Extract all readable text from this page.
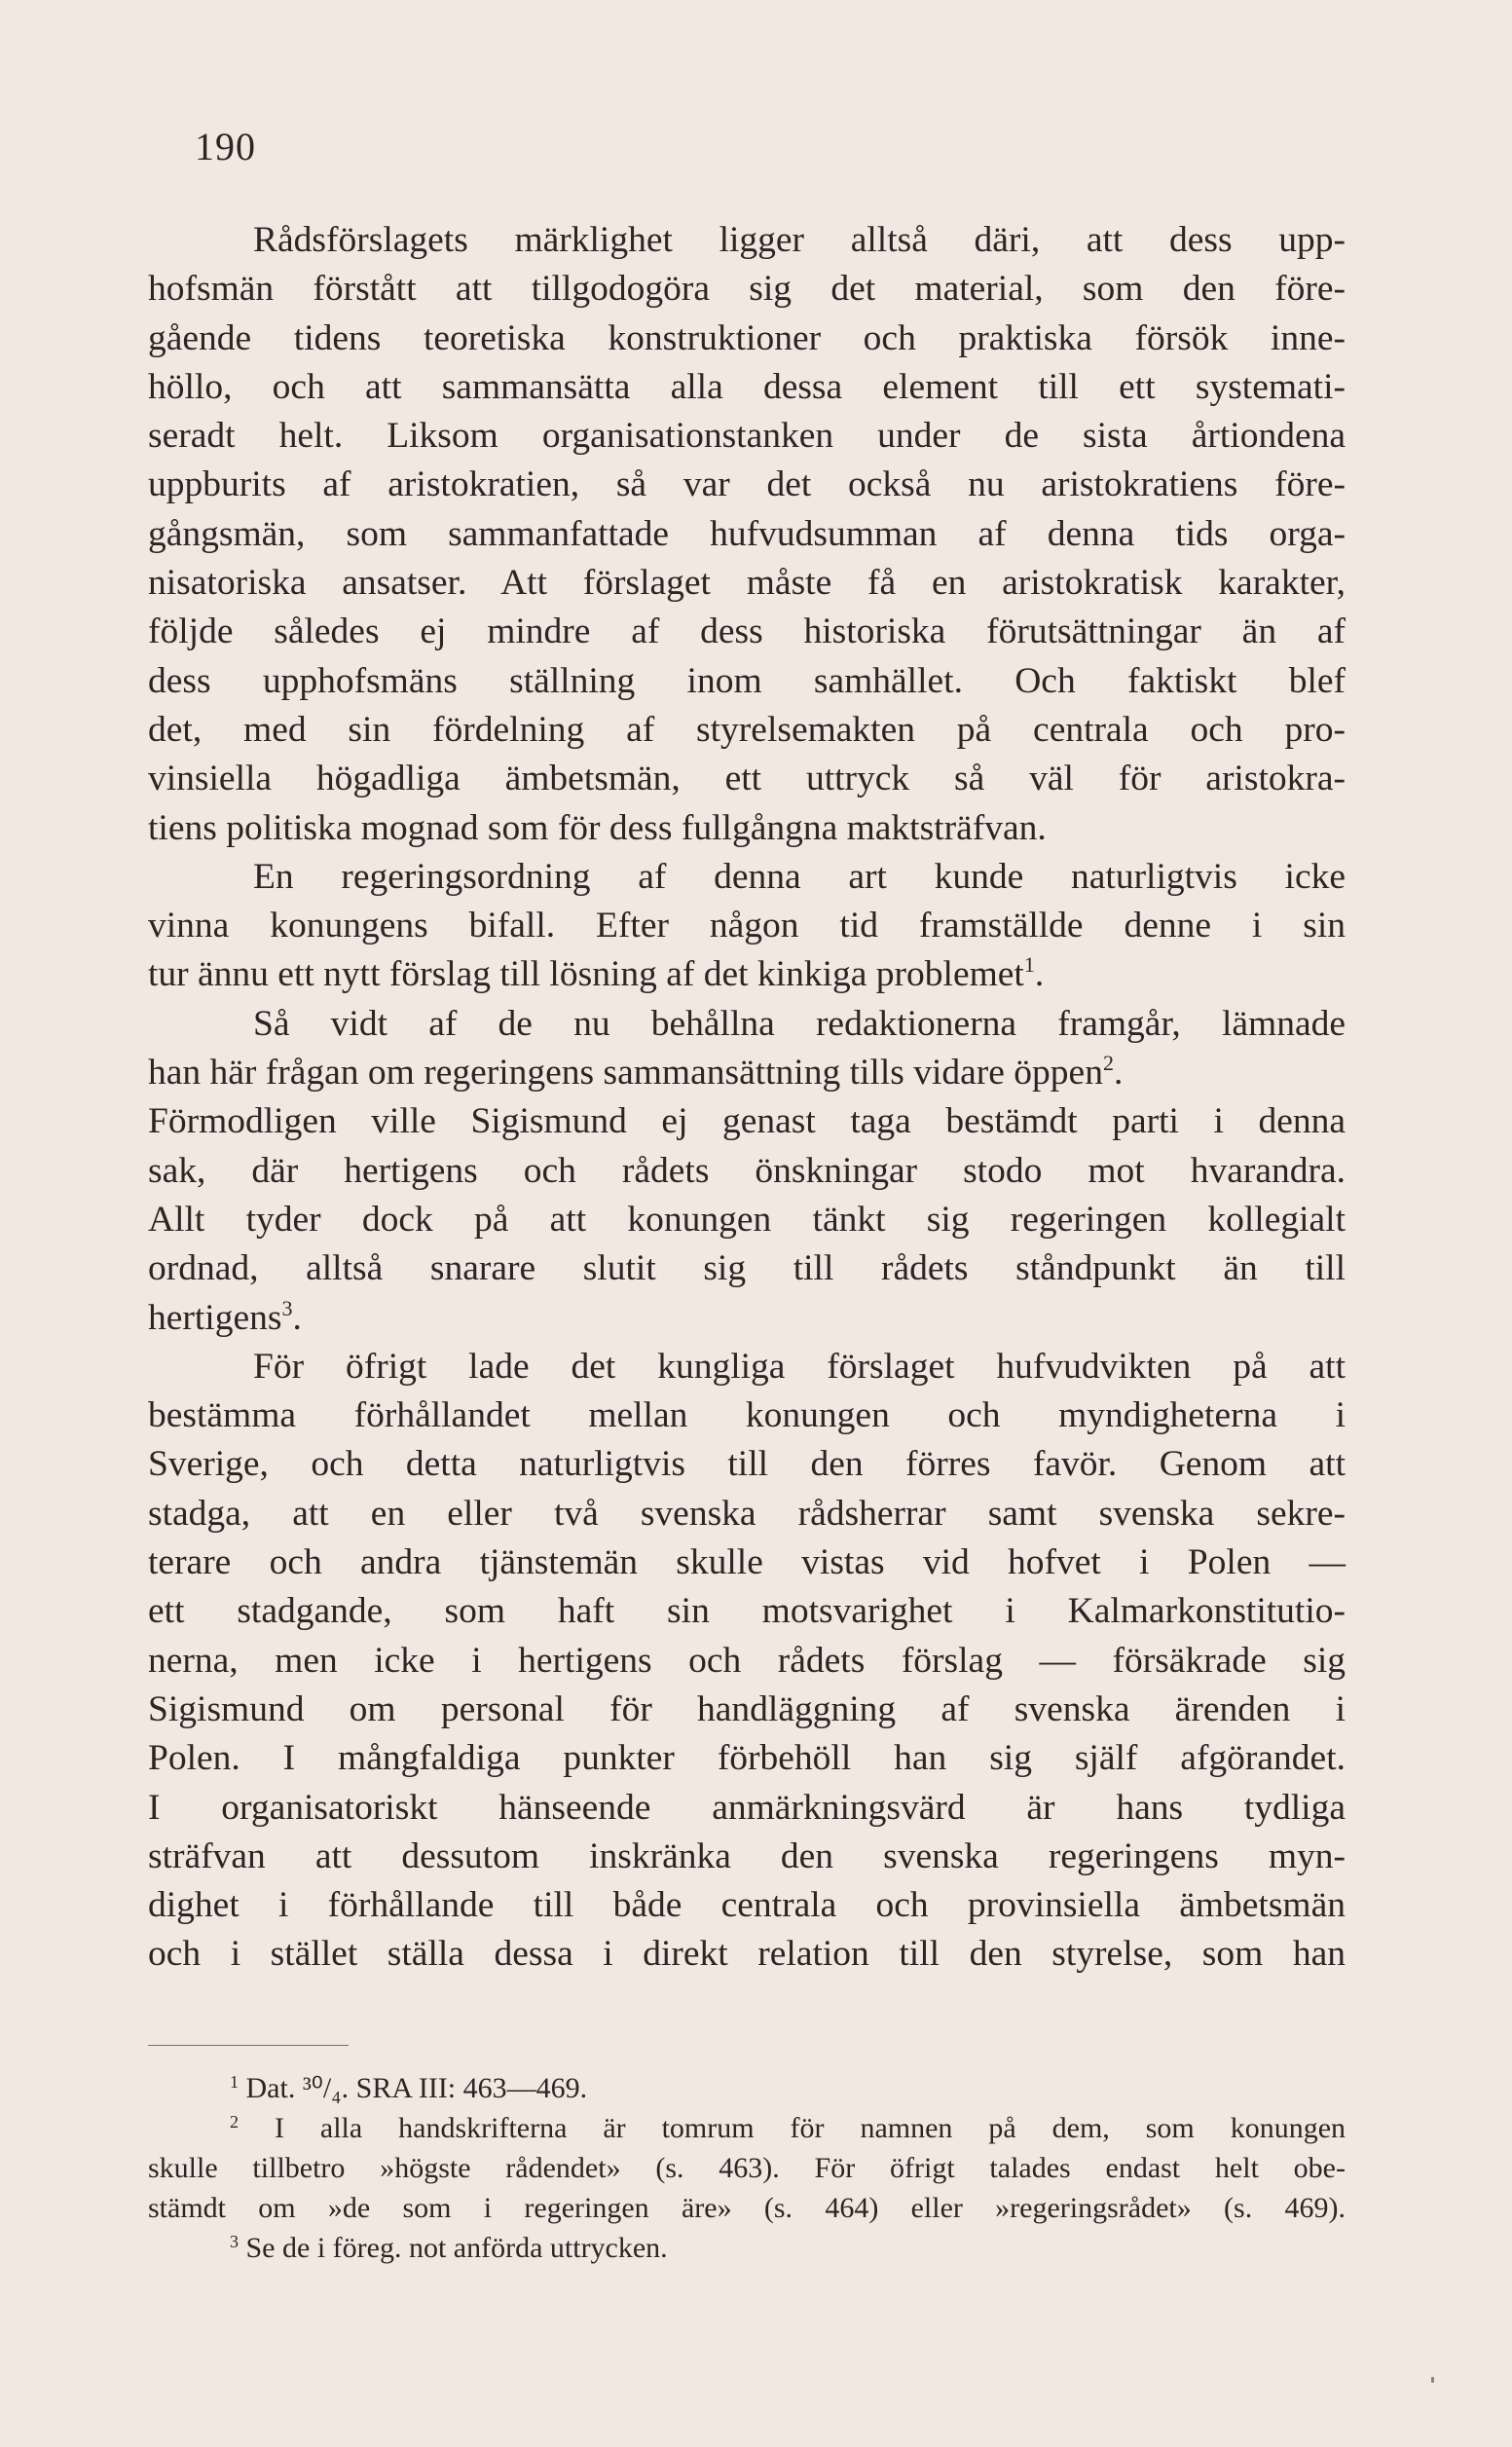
190
Rådsförslagets märklighet ligger alltså däri, att dess upp-
hofsmän förstått att tillgodogöra sig det material, som den före-
gående tidens teoretiska konstruktioner och praktiska försök inne-
höllo, och att sammansätta alla dessa element till ett systemati-
seradt helt. Liksom organisationstanken under de sista årtiondena
uppburits af aristokratien, så var det också nu aristokratiens före-
gångsmän, som sammanfattade hufvudsumman af denna tids orga-
nisatoriska ansatser. Att förslaget måste få en aristokratisk karakter,
följde således ej mindre af dess historiska förutsättningar än af
dess upphofsmäns ställning inom samhället. Och faktiskt blef
det, med sin fördelning af styrelsemakten på centrala och pro-
vinsiella högadliga ämbetsmän, ett uttryck så väl för aristokra-
tiens politiska mognad som för dess fullgångna maktsträfvan.
En regeringsordning af denna art kunde naturligtvis icke
vinna konungens bifall. Efter någon tid framställde denne i sin
tur ännu ett nytt förslag till lösning af det kinkiga problemet$^1$.
Så vidt af de nu behållna redaktionerna framgår, lämnade
han här frågan om regeringens sammansättning tills vidare öppen$^2$.
Förmodligen ville Sigismund ej genast taga bestämdt parti i denna
sak, där hertigens och rådets önskningar stodo mot hvarandra.
Allt tyder dock på att konungen tänkt sig regeringen kollegialt
ordnad, alltså snarare slutit sig till rådets ståndpunkt än till
hertigens$^3$.
För öfrigt lade det kungliga förslaget hufvudvikten på att
bestämma förhållandet mellan konungen och myndigheterna i
Sverige, och detta naturligtvis till den förres favör. Genom att
stadga, att en eller två svenska rådsherrar samt svenska sekre-
terare och andra tjänstemän skulle vistas vid hofvet i Polen —
ett stadgande, som haft sin motsvarighet i Kalmarkonstitutio-
nerna, men icke i hertigens och rådets förslag — försäkrade sig
Sigismund om personal för handläggning af svenska ärenden i
Polen. I mångfaldiga punkter förbehöll han sig själf afgörandet.
I organisatoriskt hänseende anmärkningsvärd är hans tydliga
sträfvan att dessutom inskränka den svenska regeringens myn-
dighet i förhållande till både centrala och provinsiella ämbetsmän
och i stället ställa dessa i direkt relation till den styrelse, som han
$^1$ Dat. ³⁰/₄. SRA III: 463—469.
$^2$ I alla handskrifterna är tomrum för namnen på dem, som konungen
skulle tillbetro »högste rådendet» (s. 463). För öfrigt talades endast helt obe-
stämdt om »de som i regeringen äre» (s. 464) eller »regeringsrådet» (s. 469).
$^3$ Se de i föreg. not anförda uttrycken.
